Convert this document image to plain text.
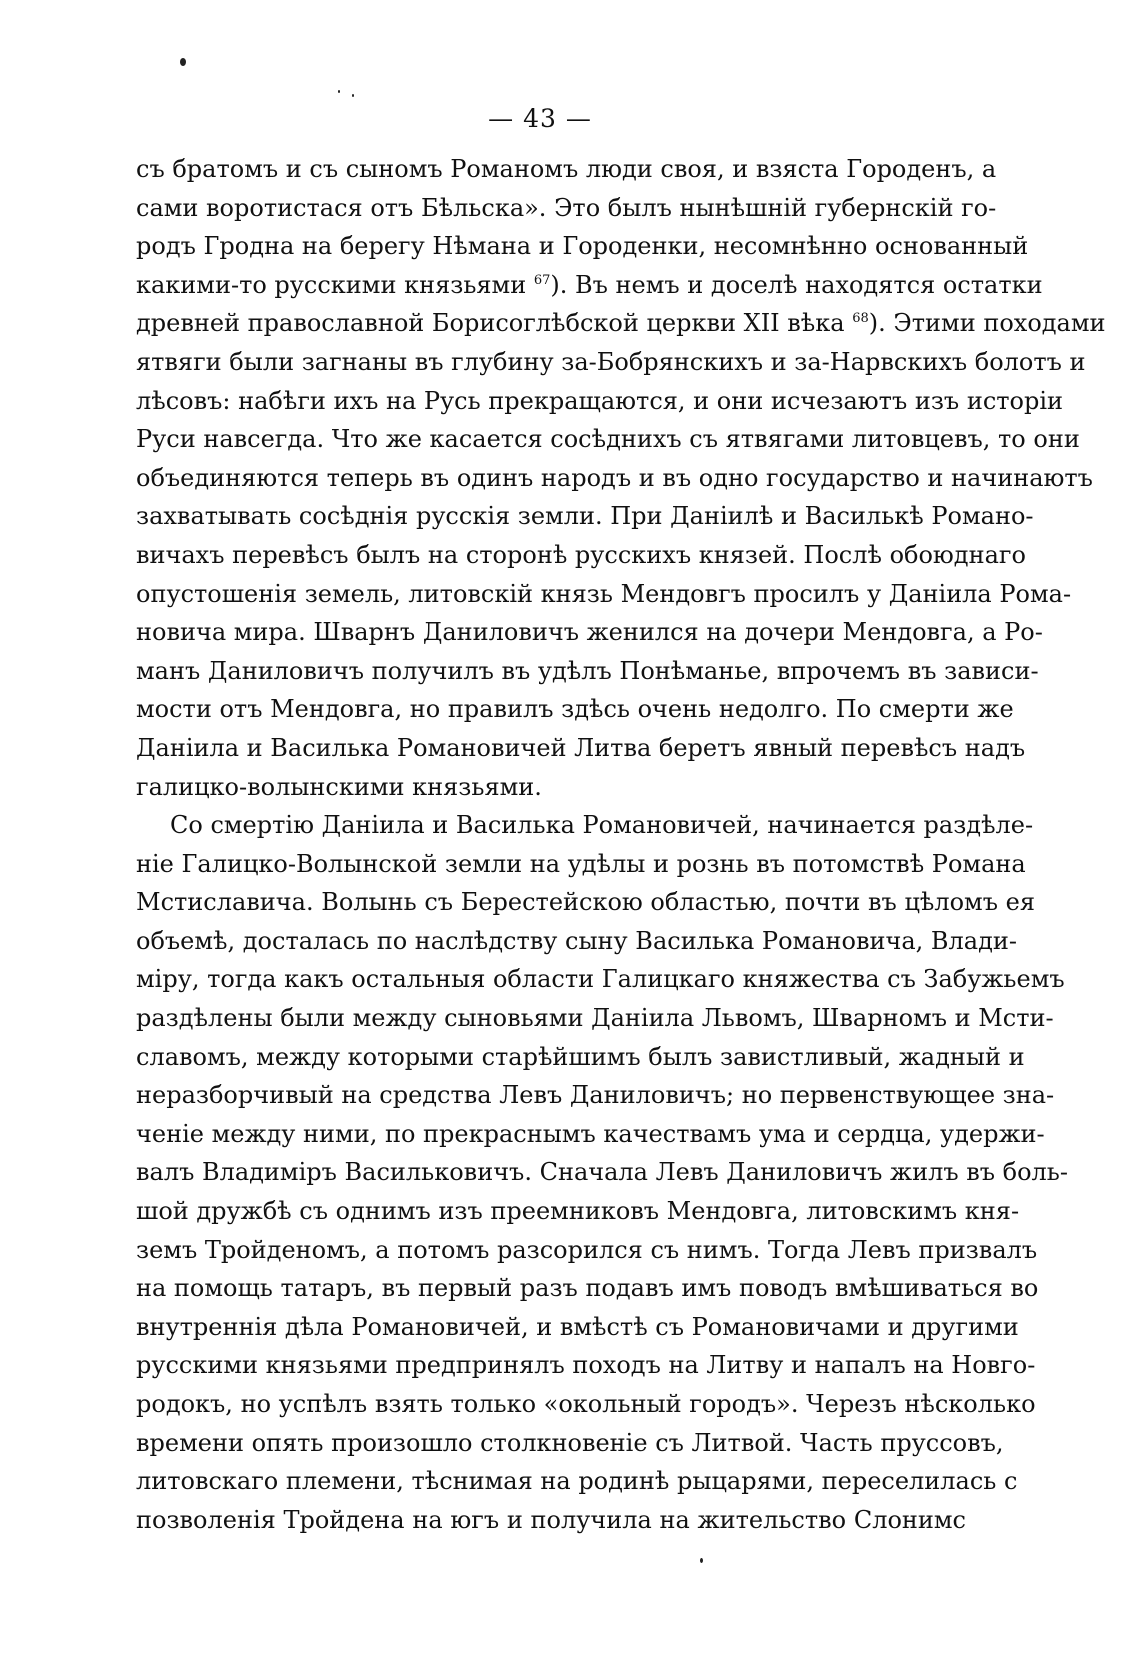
— 43 —
съ братомъ и съ сыномъ Романомъ люди своя, и взяста Городенъ, а
сами воротистася отъ Бѣльска». Это былъ нынѣшній губернскій го-
родъ Гродна на берегу Нѣмана и Городенки, несомнѣнно основанный
какими-то русскими князьями $^{67}$). Въ немъ и доселѣ находятся остатки
древней православной Борисоглѣбской церкви XII вѣка $^{68}$). Этими походами
ятвяги были загнаны въ глубину за-Бобрянскихъ и за-Нарвскихъ болотъ и
лѣсовъ: набѣги ихъ на Русь прекращаются, и они исчезаютъ изъ исторіи
Руси навсегда. Что же касается сосѣднихъ съ ятвягами литовцевъ, то они
объединяются теперь въ одинъ народъ и въ одно государство и начинаютъ
захватывать сосѣднія русскія земли. При Даніилѣ и Василькѣ Романо-
вичахъ перевѣсъ былъ на сторонѣ русскихъ князей. Послѣ обоюднаго
опустошенія земель, литовскій князь Мендовгъ просилъ у Даніила Рома-
новича мира. Шварнъ Даниловичъ женился на дочери Мендовга, а Ро-
манъ Даниловичъ получилъ въ удѣлъ Понѣманье, впрочемъ въ зависи-
мости отъ Мендовга, но правилъ здѣсь очень недолго. По смерти же
Даніила и Василька Романовичей Литва беретъ явный перевѣсъ надъ
галицко-волынскими князьями.
Со смертію Даніила и Василька Романовичей, начинается раздѣле-
ніе Галицко-Волынской земли на удѣлы и рознь въ потомствѣ Романа
Мстиславича. Волынь съ Берестейскою областью, почти въ цѣломъ ея
объемѣ, досталась по наслѣдству сыну Василька Романовича, Влади-
міру, тогда какъ остальныя области Галицкаго княжества съ Забужьемъ
раздѣлены были между сыновьями Даніила Львомъ, Шварномъ и Мсти-
славомъ, между которыми старѣйшимъ былъ завистливый, жадный и
неразборчивый на средства Левъ Даниловичъ; но первенствующее зна-
ченіе между ними, по прекраснымъ качествамъ ума и сердца, удержи-
валъ Владиміръ Васильковичъ. Сначала Левъ Даниловичъ жилъ въ боль-
шой дружбѣ съ однимъ изъ преемниковъ Мендовга, литовскимъ кня-
земъ Тройденомъ, а потомъ разсорился съ нимъ. Тогда Левъ призвалъ
на помощь татаръ, въ первый разъ подавъ имъ поводъ вмѣшиваться во
внутреннія дѣла Романовичей, и вмѣстѣ съ Романовичами и другими
русскими князьями предпринялъ походъ на Литву и напалъ на Новго-
родокъ, но успѣлъ взять только «окольный городъ». Черезъ нѣсколько
времени опять произошло столкновеніе съ Литвой. Часть пруссовъ,
литовскаго племени, тѣснимая на родинѣ рыцарями, переселилась с
позволенія Тройдена на югъ и получила на жительство Слонимс
